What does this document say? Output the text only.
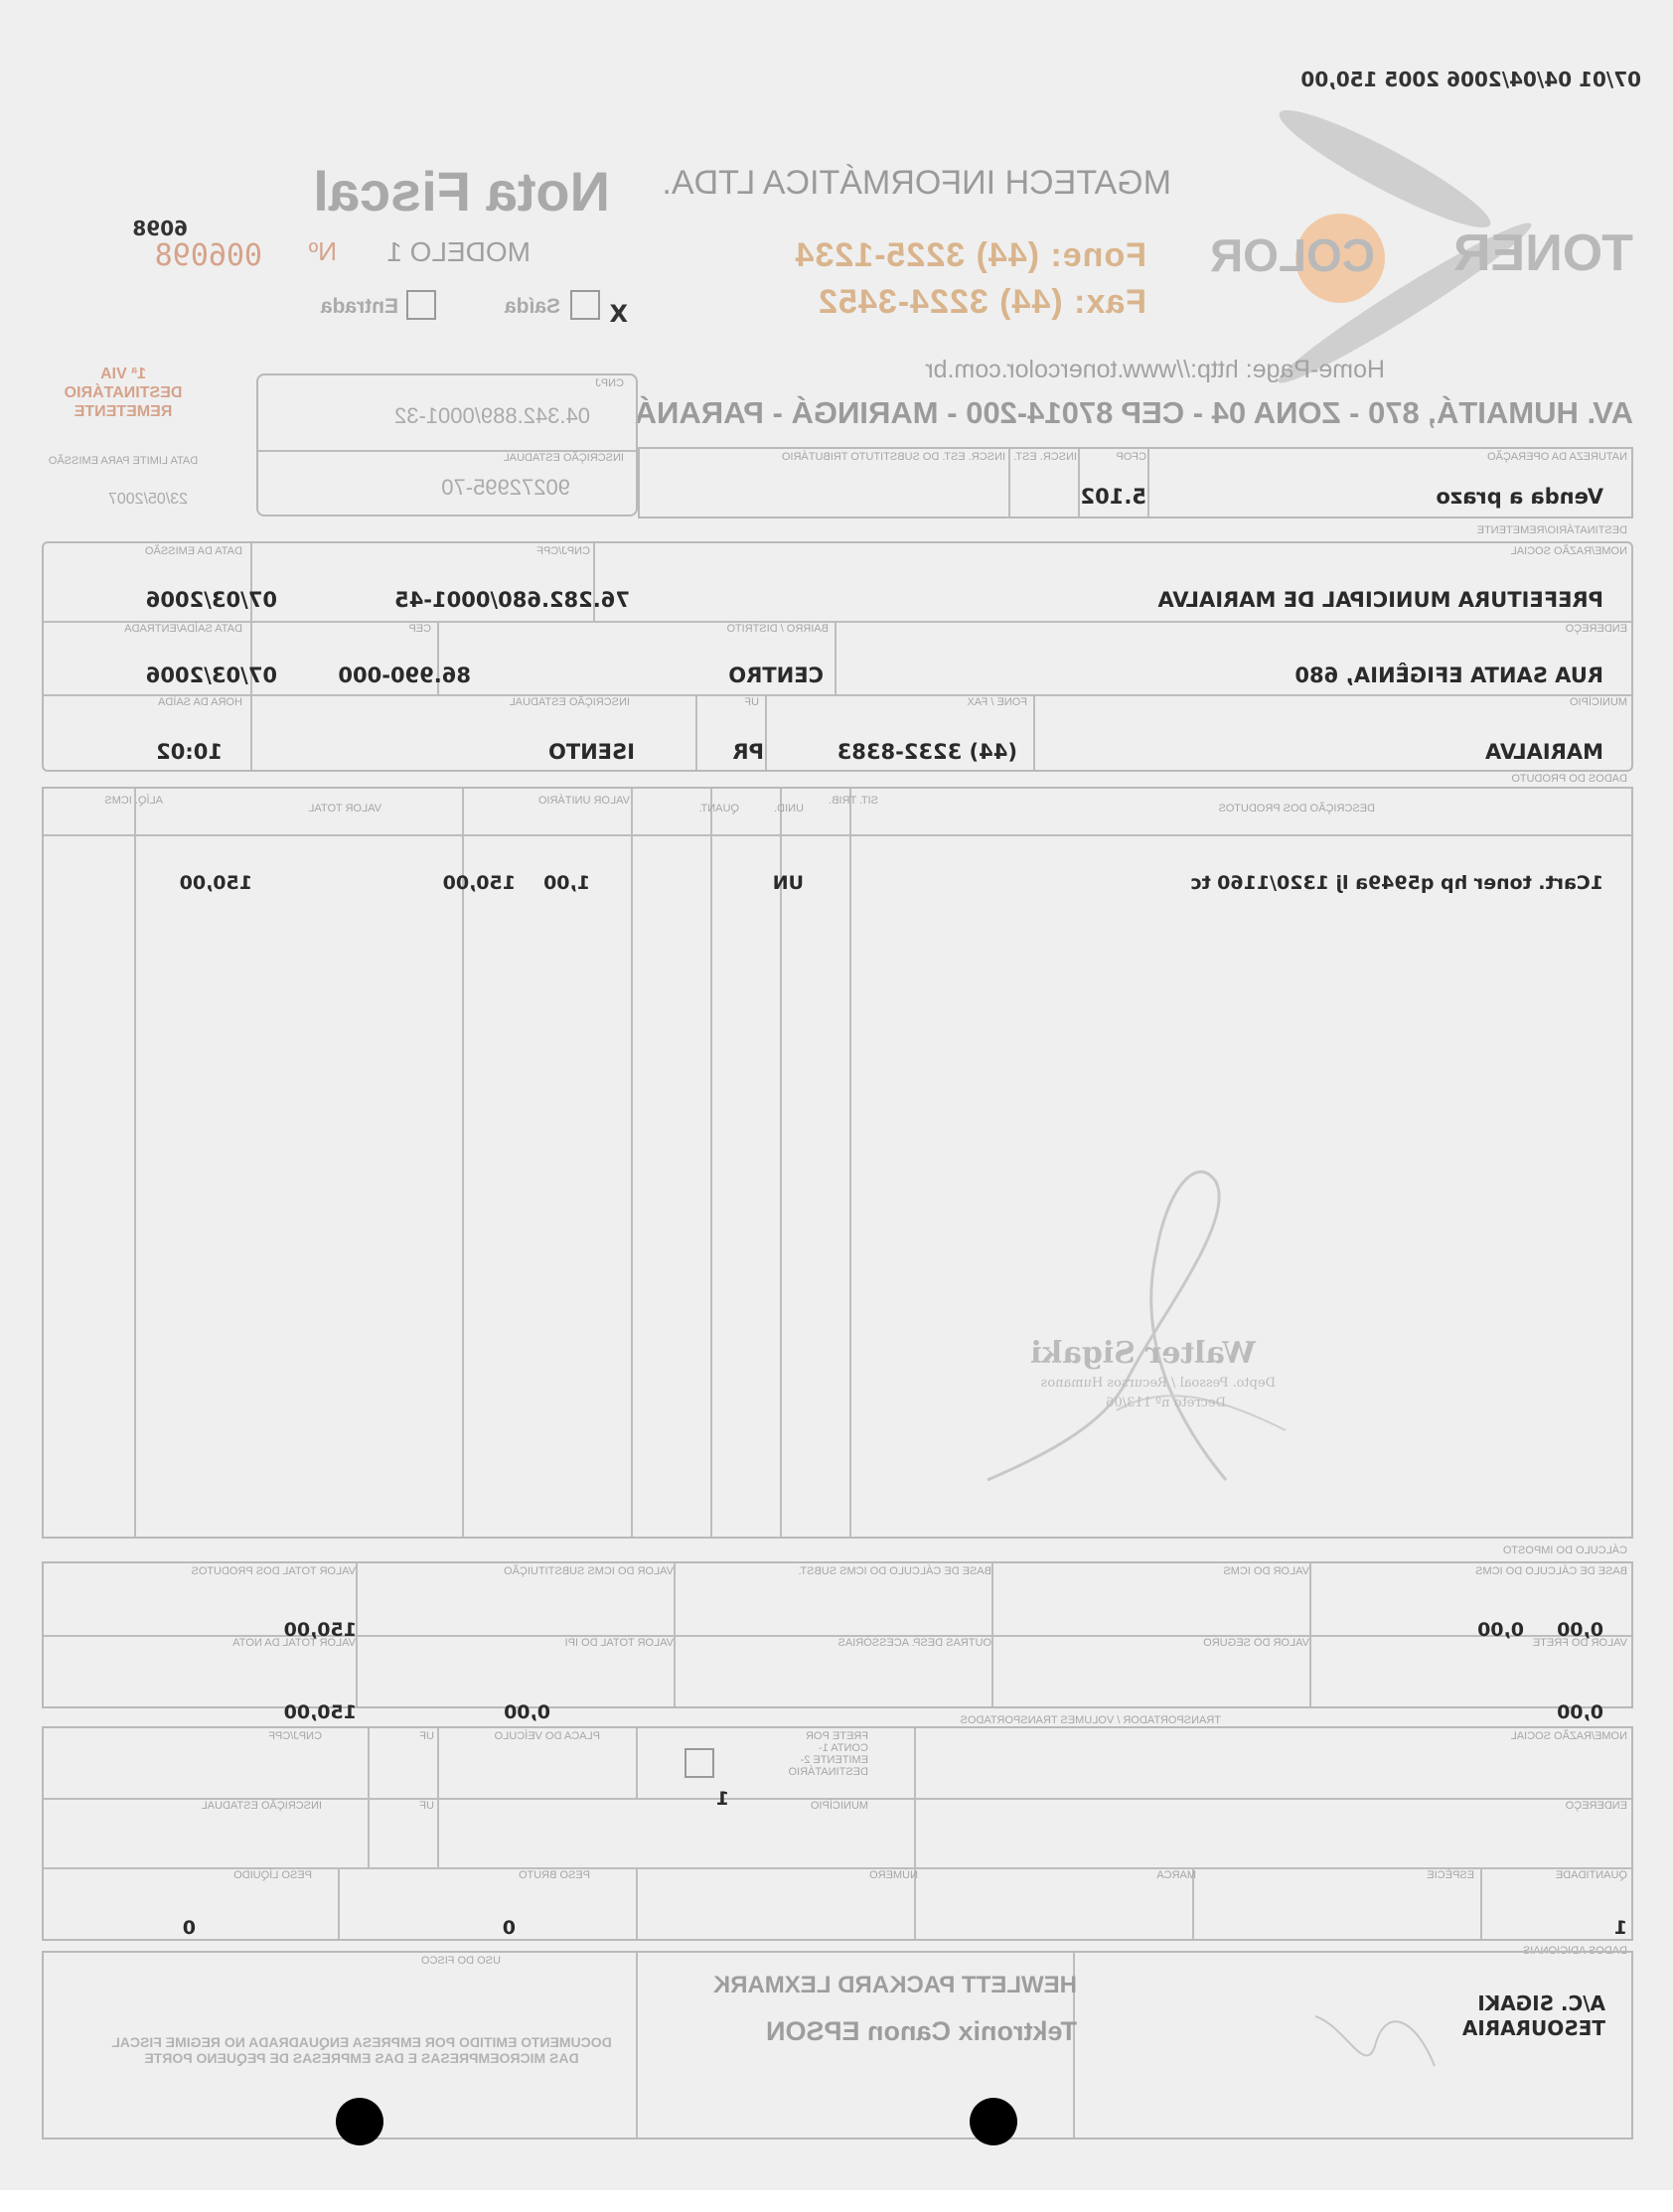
07/01 04/04/2006 2005 150,00
TONER
COLOR
MGATECH INFORMÁTICA LTDA.
Nota Fiscal
Fone: (44) 3225-1234
Fax: (44) 3224-3452
MODELO 1
Nº
006098
6098
X
Saída
Entrada
Home-Page: http://www.tonercolor.com.br
AV. HUMAITÁ, 870 - ZONA 04 - CEP 87014-200 - MARINGÁ - PARANÁ
1ª VIA
DESTINATÁRIO
REMETENTE
CNPJ
04.342.889/0001-32
INSCRIÇÃO ESTADUAL
90272995-70
DATA LIMITE PARA EMISSÃO
23/05/2007
NATUREZA DA OPERAÇÃO
Venda a prazo
CFOP
5.102
INSCR. EST.
INSCR. EST. DO SUBSTITUTO TRIBUTÁRIO
DESTINATÁRIO/REMETENTE
NOME/RAZÃO SOCIAL
PREFEITURA MUNICIPAL DE MARIALVA
CNPJ/CPF
76.282.680/0001-45
DATA DA EMISSÃO
07/03/2006
ENDEREÇO
RUA SANTA EFIGÊNIA, 680
BAIRRO / DISTRITO
CENTRO
CEP
86.990-000
DATA SAÍDA/ENTRADA
07/03/2006
MUNICÍPIO
MARIALVA
FONE / FAX
(44) 3232-8383
UF
PR
INSCRIÇÃO ESTADUAL
ISENTO
HORA DA SAÍDA
10:02
DADOS DO PRODUTO
DESCRIÇÃO DOS PRODUTOS
SIT. TRIB.
UNID.
QUANT.
VALOR UNITÁRIO
VALOR TOTAL
ALÍQ. ICMS
1Cart. toner hp q5949a lj 1320/1160 tc
UN
1,00
150,00
150,00
Walter Sigaki
Depto. Pessoal / Recursos Humanos
Decreto nº 113/06
CÁLCULO DO IMPOSTO
BASE DE CÁLCULO DO ICMS
0,00
VALOR DO ICMS
0,00
BASE DE CÁLCULO DO ICMS SUBST.
VALOR DO ICMS SUBSTITUIÇÃO
VALOR TOTAL DOS PRODUTOS
150,00
VALOR DO FRETE
0,00
VALOR DO SEGURO
OUTRAS DESP. ACESSÓRIAS
VALOR TOTAL DO IPI
0,00
VALOR TOTAL DA NOTA
150,00	TRANSPORTADOR / VOLUMES TRANSPORTADOS
NOME/RAZÃO SOCIAL
FRETE POR CONTA 1-EMITENTE 2-DESTINATÁRIO
PLACA DO VEÍCULO
UF
CNPJ/CPF
ENDEREÇO
MUNICÍPIO
1
UF
INSCRIÇÃO ESTADUAL
QUANTIDADE
1
ESPÉCIE
MARCA
NÚMERO
PESO BRUTO
0
PESO LÍQUIDO
0
DADOS ADICIONAIS
A/C. SIGAKI
TESOURARIA
HEWLETT PACKARD LEXMARK
Tektronix Canon EPSON
USO DO FISCO
DOCUMENTO EMITIDO POR EMPRESA ENQUADRADA NO REGIME FISCAL DAS MICROEMPRESAS E DAS EMPRESAS DE PEQUENO PORTE
